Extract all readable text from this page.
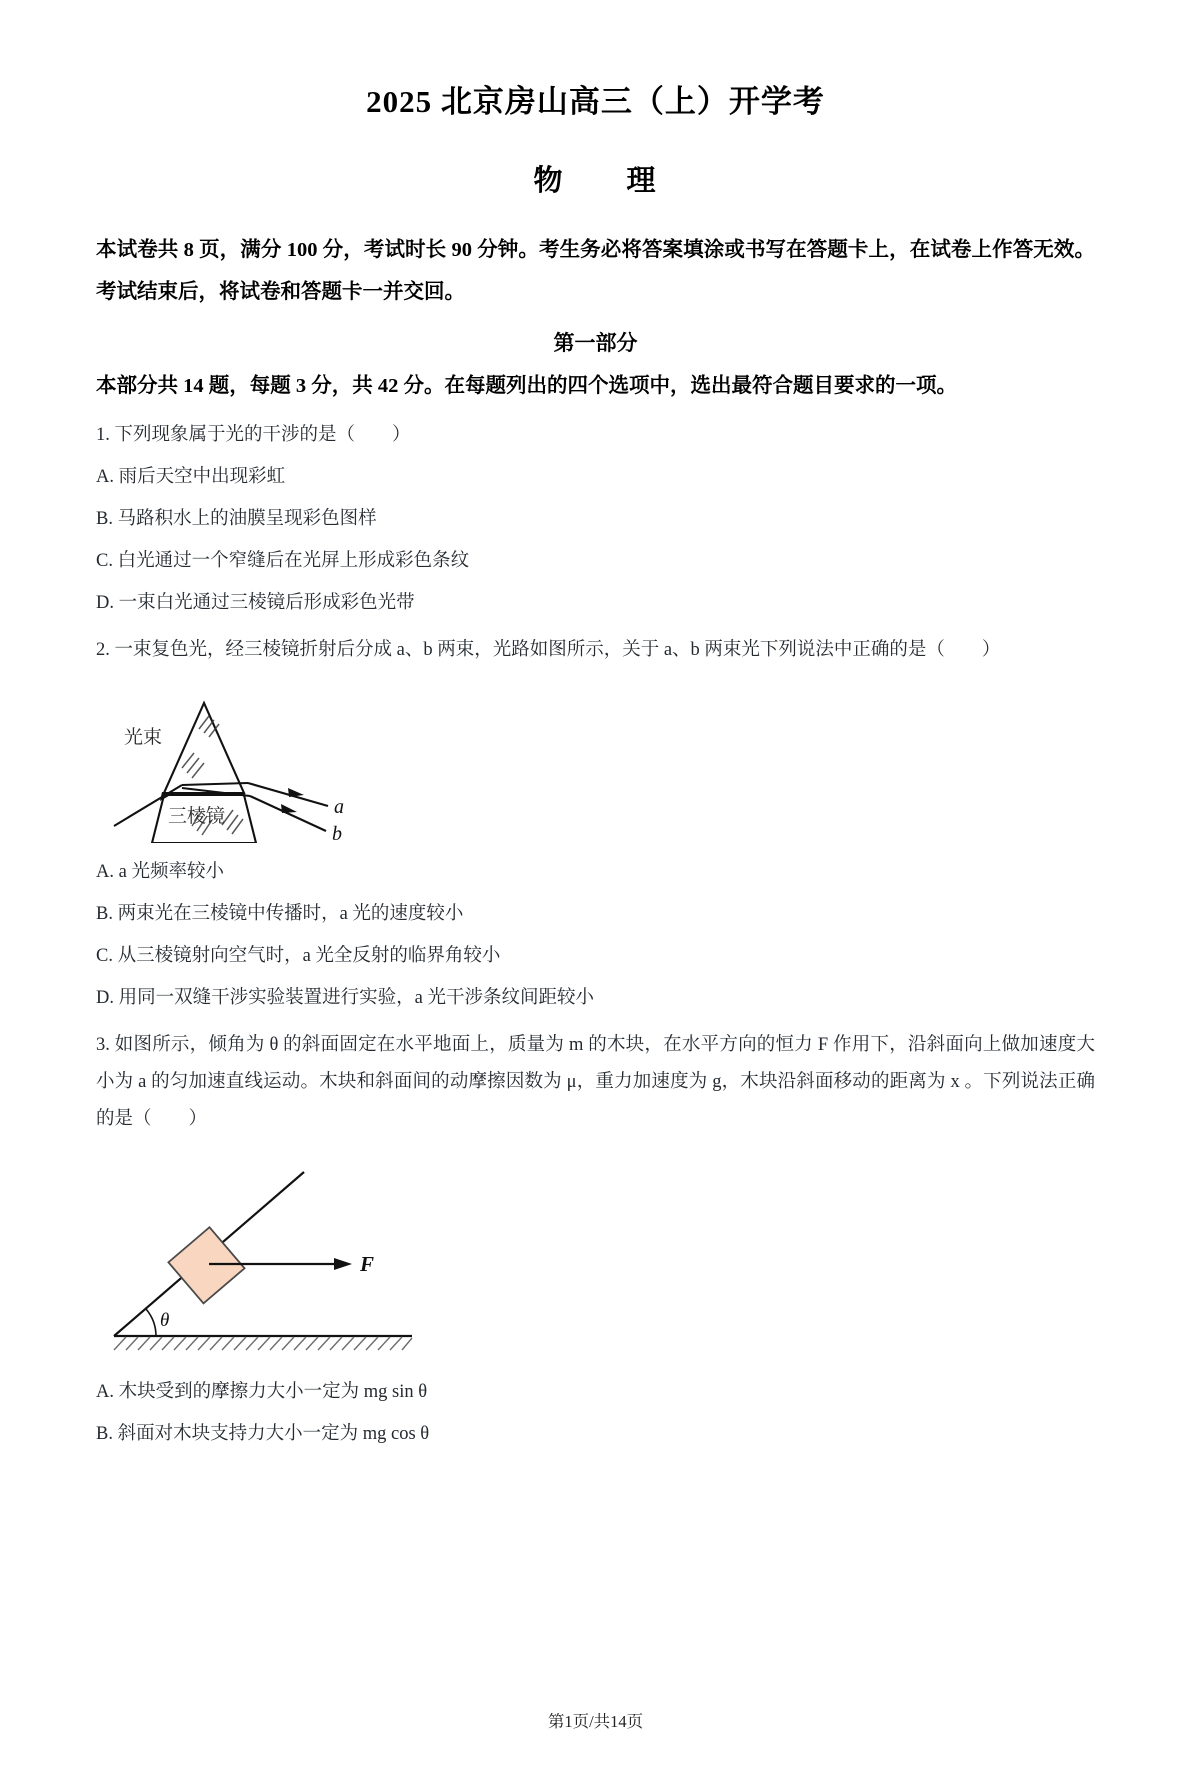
2025 北京房山高三（上）开学考
物　　理
本试卷共 8 页，满分 100 分，考试时长 90 分钟。考生务必将答案填涂或书写在答题卡上，在试卷上作答无效。考试结束后，将试卷和答题卡一并交回。
第一部分
本部分共 14 题，每题 3 分，共 42 分。在每题列出的四个选项中，选出最符合题目要求的一项。
1. 下列现象属于光的干涉的是（　　）
A. 雨后天空中出现彩虹
B. 马路积水上的油膜呈现彩色图样
C. 白光通过一个窄缝后在光屏上形成彩色条纹
D. 一束白光通过三棱镜后形成彩色光带
2. 一束复色光，经三棱镜折射后分成 a、b 两束，光路如图所示，关于 a、b 两束光下列说法中正确的是（　　）
光束
三棱镜	a
b
A. a 光频率较小
B. 两束光在三棱镜中传播时，a 光的速度较小
C. 从三棱镜射向空气时，a 光全反射的临界角较小
D. 用同一双缝干涉实验装置进行实验，a 光干涉条纹间距较小
3. 如图所示，倾角为 θ 的斜面固定在水平地面上，质量为 m 的木块，在水平方向的恒力 F 作用下，沿斜面向上做加速度大小为 a 的匀加速直线运动。木块和斜面间的动摩擦因数为 μ，重力加速度为 g，木块沿斜面移动的距离为 x 。下列说法正确的是（　　）
θ
F
A. 木块受到的摩擦力大小一定为 mg sin θ
B. 斜面对木块支持力大小一定为 mg cos θ
第1页/共14页
